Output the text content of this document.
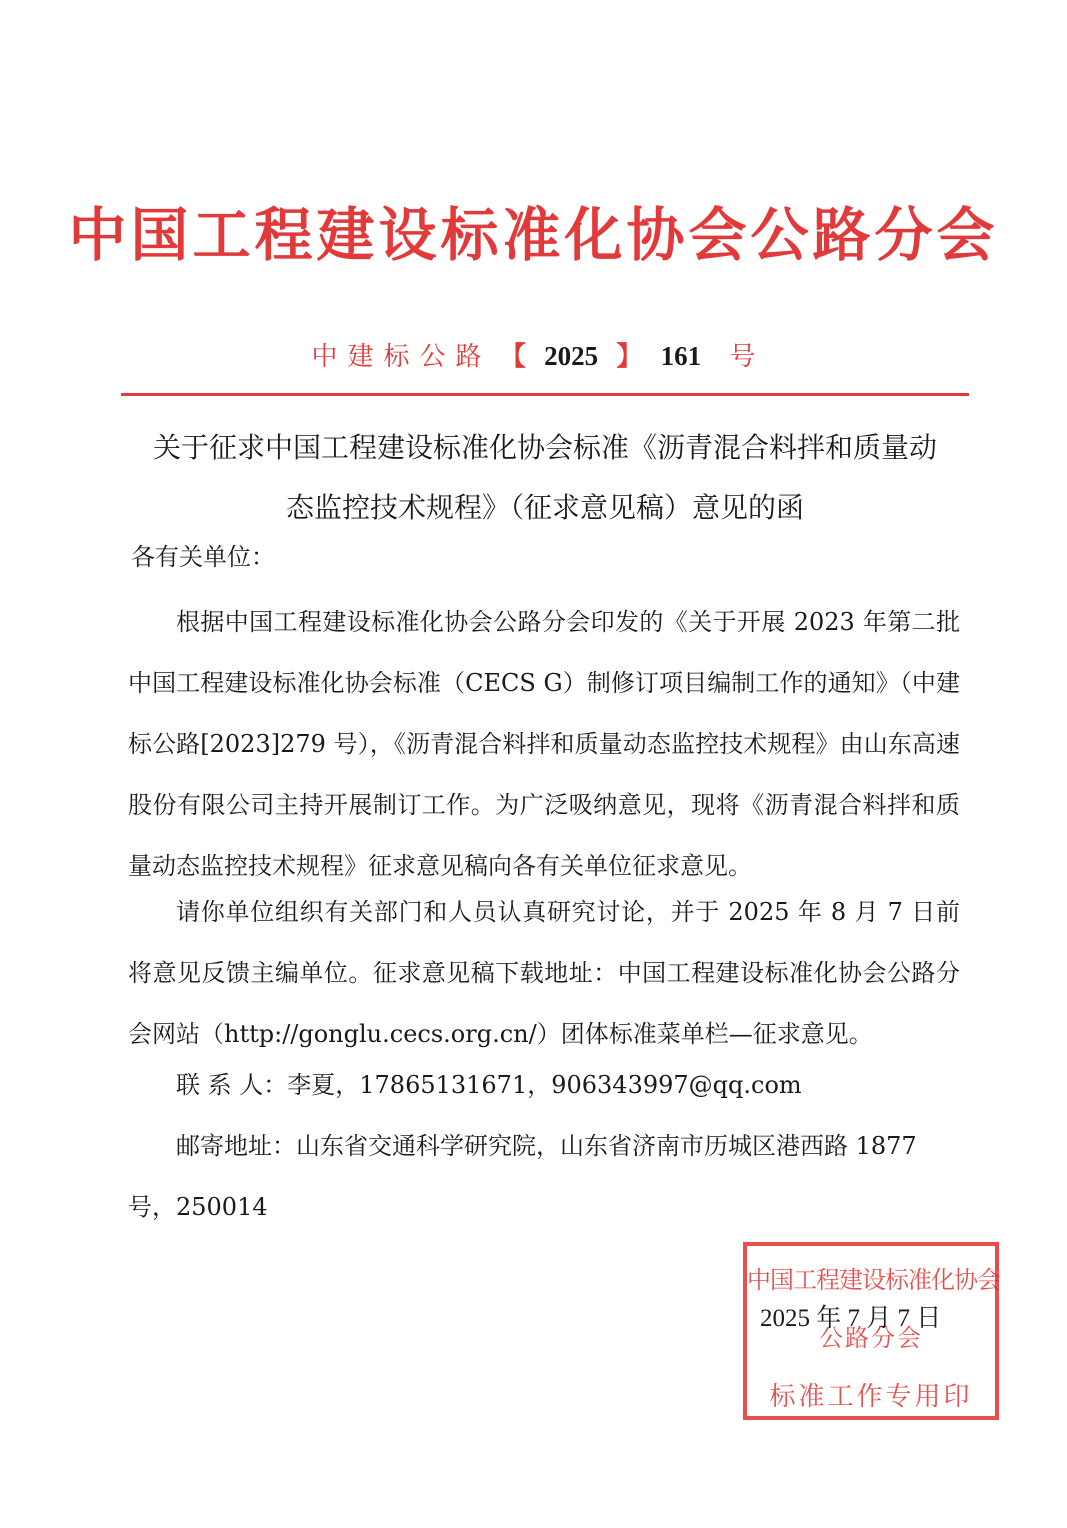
中国工程建设标准化协会公路分会
中建标公路 【 2025 】 161 号
关于征求中国工程建设标准化协会标准《沥青混合料拌和质量动
态监控技术规程》（征求意见稿）意见的函
各有关单位：
根据中国工程建设标准化协会公路分会印发的《关于开展 2023 年第二批中国工程建设标准化协会标准（CECS G）制修订项目编制工作的通知》（中建标公路[2023]279 号），《沥青混合料拌和质量动态监控技术规程》由山东高速股份有限公司主持开展制订工作。为广泛吸纳意见，现将《沥青混合料拌和质量动态监控技术规程》征求意见稿向各有关单位征求意见。
请你单位组织有关部门和人员认真研究讨论，并于 2025 年 8 月 7 日前将意见反馈主编单位。征求意见稿下载地址：中国工程建设标准化协会公路分会网站（http://gonglu.cecs.org.cn/）团体标准菜单栏—征求意见。
联 系 人：李夏，17865131671，906343997@qq.com
邮寄地址：山东省交通科学研究院，山东省济南市历城区港西路 1877 号，250014
中国工程建设标准化协会
公路分会
标准工作专用印
2025 年 7 月 7 日
